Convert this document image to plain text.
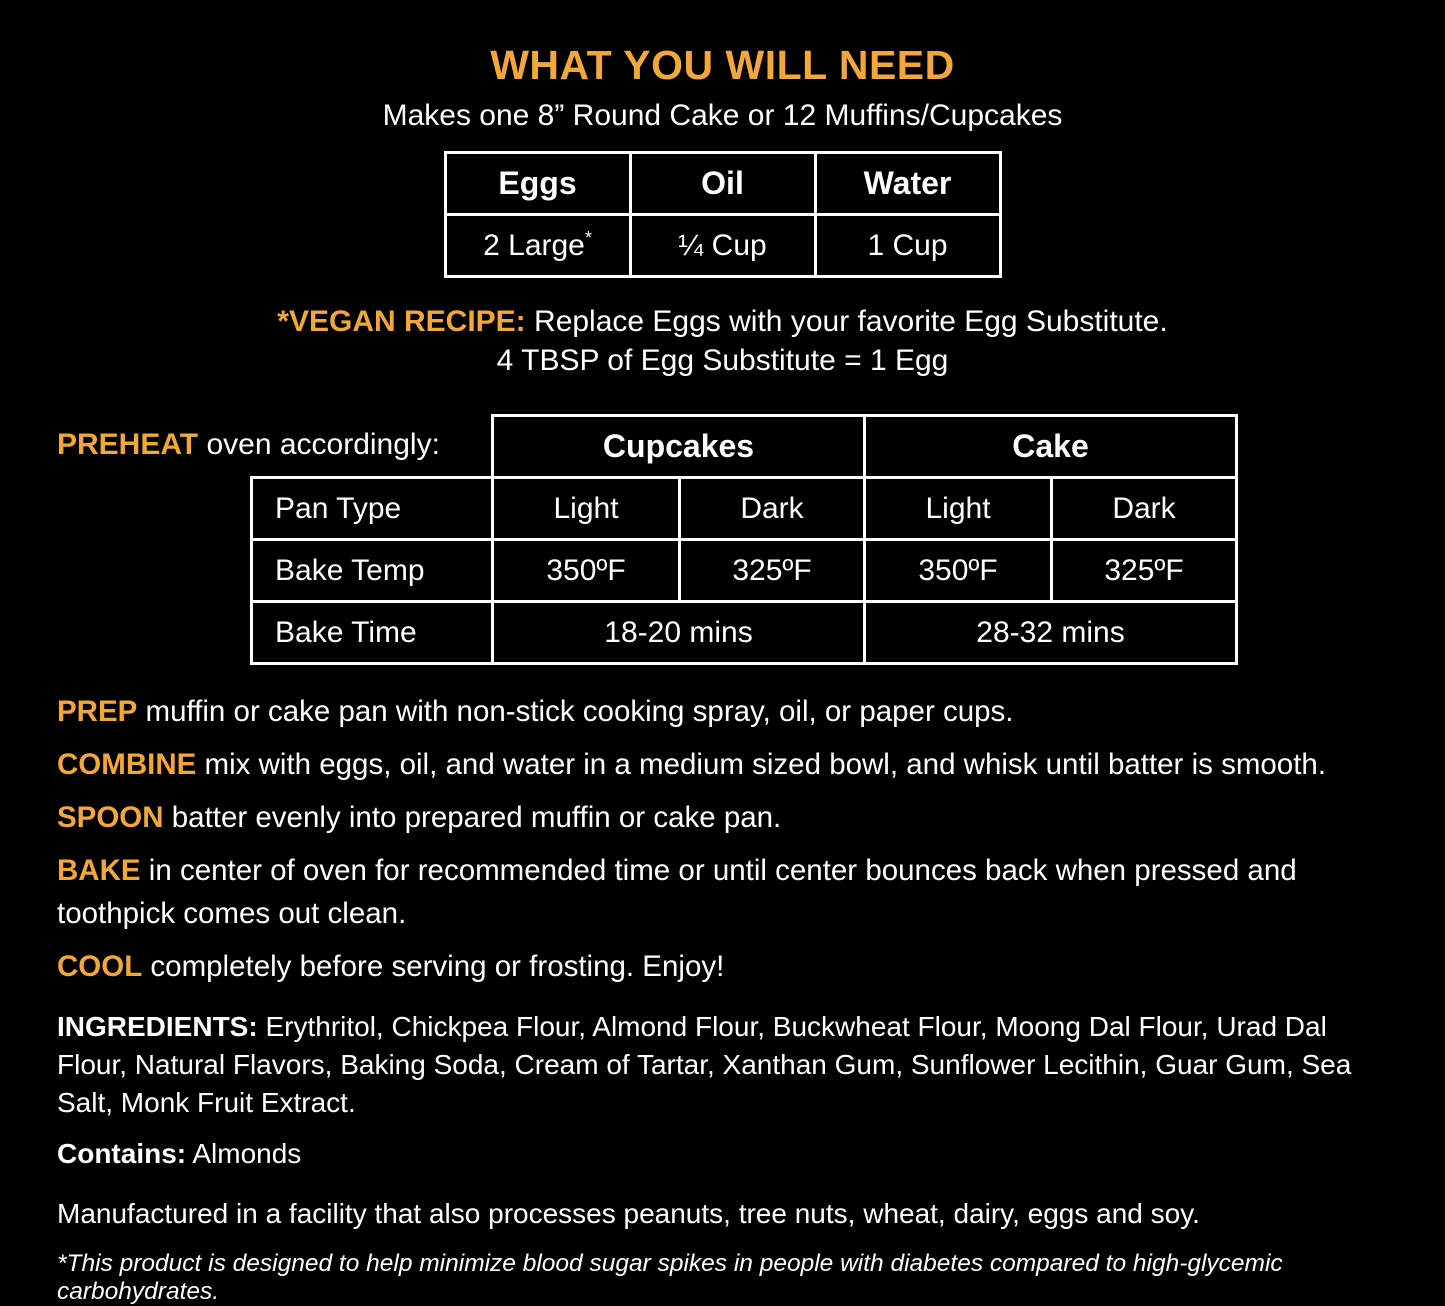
WHAT YOU WILL NEED
Makes one 8” Round Cake or 12 Muffins/Cupcakes
Eggs	Oil	Water
2 Large*	¼ Cup	1 Cup
*VEGAN RECIPE: Replace Eggs with your favorite Egg Substitute.
4 TBSP of Egg Substitute = 1 Egg
PREHEAT oven accordingly:
		Cupcakes		Cake	
Pan Type	Light	Dark	Light	Dark
Bake Temp	350ºF	325ºF	350ºF	325ºF
Bake Time	18-20 mins		28-32 mins	

PREP muffin or cake pan with non-stick cooking spray, oil, or paper cups.

COMBINE mix with eggs, oil, and water in a medium sized bowl, and whisk until batter is smooth.

SPOON batter evenly into prepared muffin or cake pan.

BAKE in center of oven for recommended time or until center bounces back when pressed and toothpick comes out clean.

COOL completely before serving or frosting. Enjoy!

INGREDIENTS: Erythritol, Chickpea Flour, Almond Flour, Buckwheat Flour, Moong Dal Flour, Urad Dal Flour, Natural Flavors, Baking Soda, Cream of Tartar, Xanthan Gum, Sunflower Lecithin, Guar Gum, Sea Salt, Monk Fruit Extract.
Contains: Almonds
Manufactured in a facility that also processes peanuts, tree nuts, wheat, dairy, eggs and soy.
*This product is designed to help minimize blood sugar spikes in people with diabetes compared to high-glycemic carbohydrates.
